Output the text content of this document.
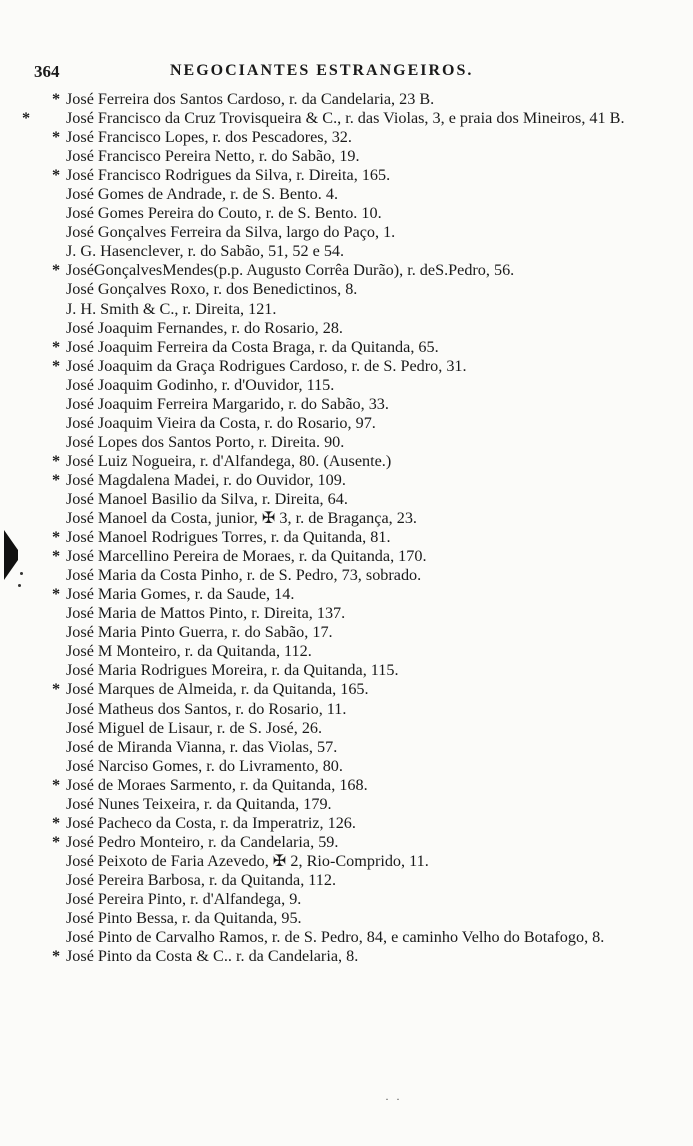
364	NEGOCIANTES ESTRANGEIROS.
* José Ferreira dos Santos Cardoso, r. da Candelaria, 23 B.
* José Francisco da Cruz Trovisqueira & C., r. das Violas, 3, e praia dos Mineiros, 41 B.
* José Francisco Lopes, r. dos Pescadores, 32.
José Francisco Pereira Netto, r. do Sabão, 19.
* José Francisco Rodrigues da Silva, r. Direita, 165.
José Gomes de Andrade, r. de S. Bento. 4.
José Gomes Pereira do Couto, r. de S. Bento. 10.
José Gonçalves Ferreira da Silva, largo do Paço, 1.
J. G. Hasenclever, r. do Sabão, 51, 52 e 54.
* JoséGonçalvesMendes(p.p. Augusto Corrêa Durão), r. deS.Pedro, 56.
José Gonçalves Roxo, r. dos Benedictinos, 8.
J. H. Smith & C., r. Direita, 121.
José Joaquim Fernandes, r. do Rosario, 28.
* José Joaquim Ferreira da Costa Braga, r. da Quitanda, 65.
* José Joaquim da Graça Rodrigues Cardoso, r. de S. Pedro, 31.
José Joaquim Godinho, r. d'Ouvidor, 115.
José Joaquim Ferreira Margarido, r. do Sabão, 33.
José Joaquim Vieira da Costa, r. do Rosario, 97.
José Lopes dos Santos Porto, r. Direita. 90.
* José Luiz Nogueira, r. d'Alfandega, 80. (Ausente.)
* José Magdalena Madei, r. do Ouvidor, 109.
José Manoel Basilio da Silva, r. Direita, 64.
José Manoel da Costa, junior, ✠ 3, r. de Bragança, 23.
* José Manoel Rodrigues Torres, r. da Quitanda, 81.
* José Marcellino Pereira de Moraes, r. da Quitanda, 170.
José Maria da Costa Pinho, r. de S. Pedro, 73, sobrado.
* José Maria Gomes, r. da Saude, 14.
José Maria de Mattos Pinto, r. Direita, 137.
José Maria Pinto Guerra, r. do Sabão, 17.
José M Monteiro, r. da Quitanda, 112.
José Maria Rodrigues Moreira, r. da Quitanda, 115.
* José Marques de Almeida, r. da Quitanda, 165.
José Matheus dos Santos, r. do Rosario, 11.
José Miguel de Lisaur, r. de S. José, 26.
José de Miranda Vianna, r. das Violas, 57.
José Narciso Gomes, r. do Livramento, 80.
* José de Moraes Sarmento, r. da Quitanda, 168.
José Nunes Teixeira, r. da Quitanda, 179.
* José Pacheco da Costa, r. da Imperatriz, 126.
* José Pedro Monteiro, r. da Candelaria, 59.
José Peixoto de Faria Azevedo, ✠ 2, Rio-Comprido, 11.
José Pereira Barbosa, r. da Quitanda, 112.
José Pereira Pinto, r. d'Alfandega, 9.
José Pinto Bessa, r. da Quitanda, 95.
José Pinto de Carvalho Ramos, r. de S. Pedro, 84, e caminho Velho do Botafogo, 8.
* José Pinto da Costa & C.. r. da Candelaria, 8.
· ·
